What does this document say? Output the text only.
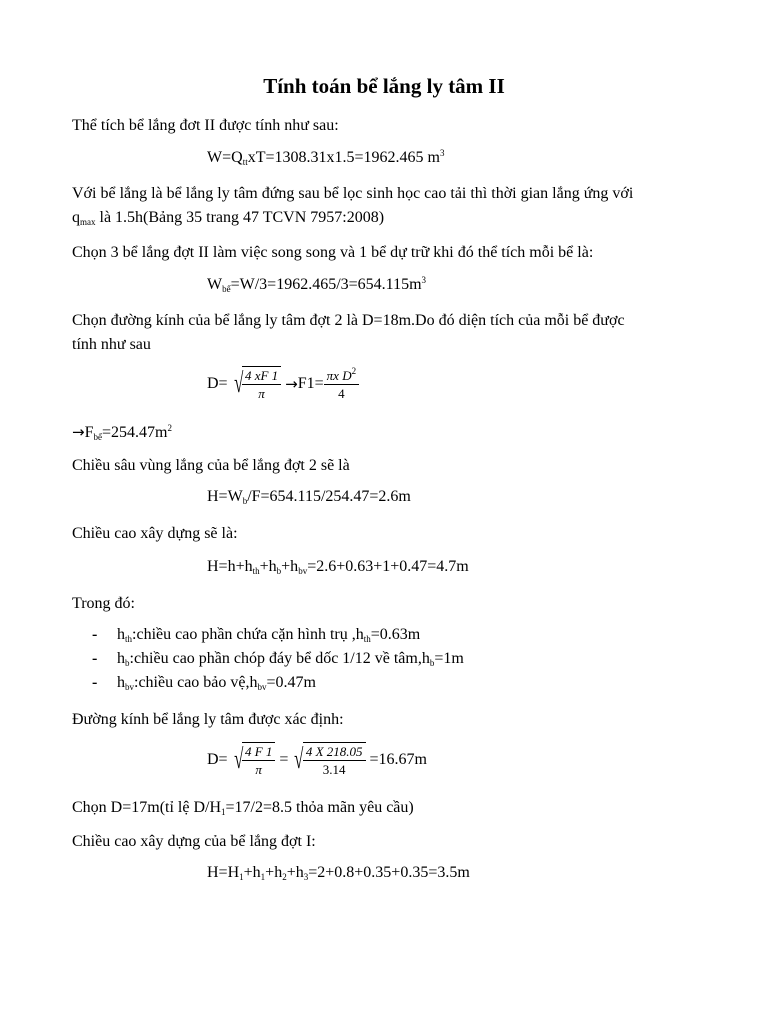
Tính toán bể lắng ly tâm II
Thể tích bể lắng đơt II được tính như sau:
$W=Q_{tt}xT=1308.31x1.5=1962.465$ $m^3$
Với bể lắng là bể lắng ly tâm đứng sau bể lọc sinh học cao tải thì thời gian lắng ứng với
$q_{max}$ là 1.5h(Bảng 35 trang 47 TCVN 7957:2008)
Chọn 3 bể lắng đợt II làm việc song song và 1 bể dự trữ khi đó thể tích mỗi bể là:
$W_{bể}=W/3=1962.465/3=654.115m^3$
Chọn đường kính của bể lắng ly tâm đợt 2 là D=18m.Do đó diện tích của mỗi bể được
tính như sau
D= √ $\frac{4 xF 1}{\pi} \to F1= \frac{\pi x D^2}{4}$
$\to F_{bể}=254.47m^2$
Chiều sâu vùng lắng của bể lắng đợt 2 sẽ là
$H=W_b/F=654.115/254.47=2.6m$
Chiều cao xây dựng sẽ là:
$H=h+h_{th}+h_b+h_{bv}=2.6+0.63+1+0.47=4.7m$
Trong đó:
- $h_{th}:chiều$ cao phần chứa cặn hình trụ $,h_{th}=0.63m$
- $h_b:chiều$ cao phần chóp đáy bể dốc 1/12 về $tâm,h_b=1m$
- $h_{bv}:chiều$ cao bảo $vệ,h_{bv}=0.47m$
Đường kính bể lắng ly tâm được xác định:
D= √ $\frac{4 F 1}{\pi}$ = √ $\frac{4 X 218.05}{3.14} =16.67m$
Chọn D=17m(tỉ lệ $D/H_1=17/2=8.5$ thỏa mãn yêu cầu)
Chiều cao xây dựng của bể lắng đợt I:
$H=H_1+h_1+h_2+h_3=2+0.8+0.35+0.35=3.5m$
